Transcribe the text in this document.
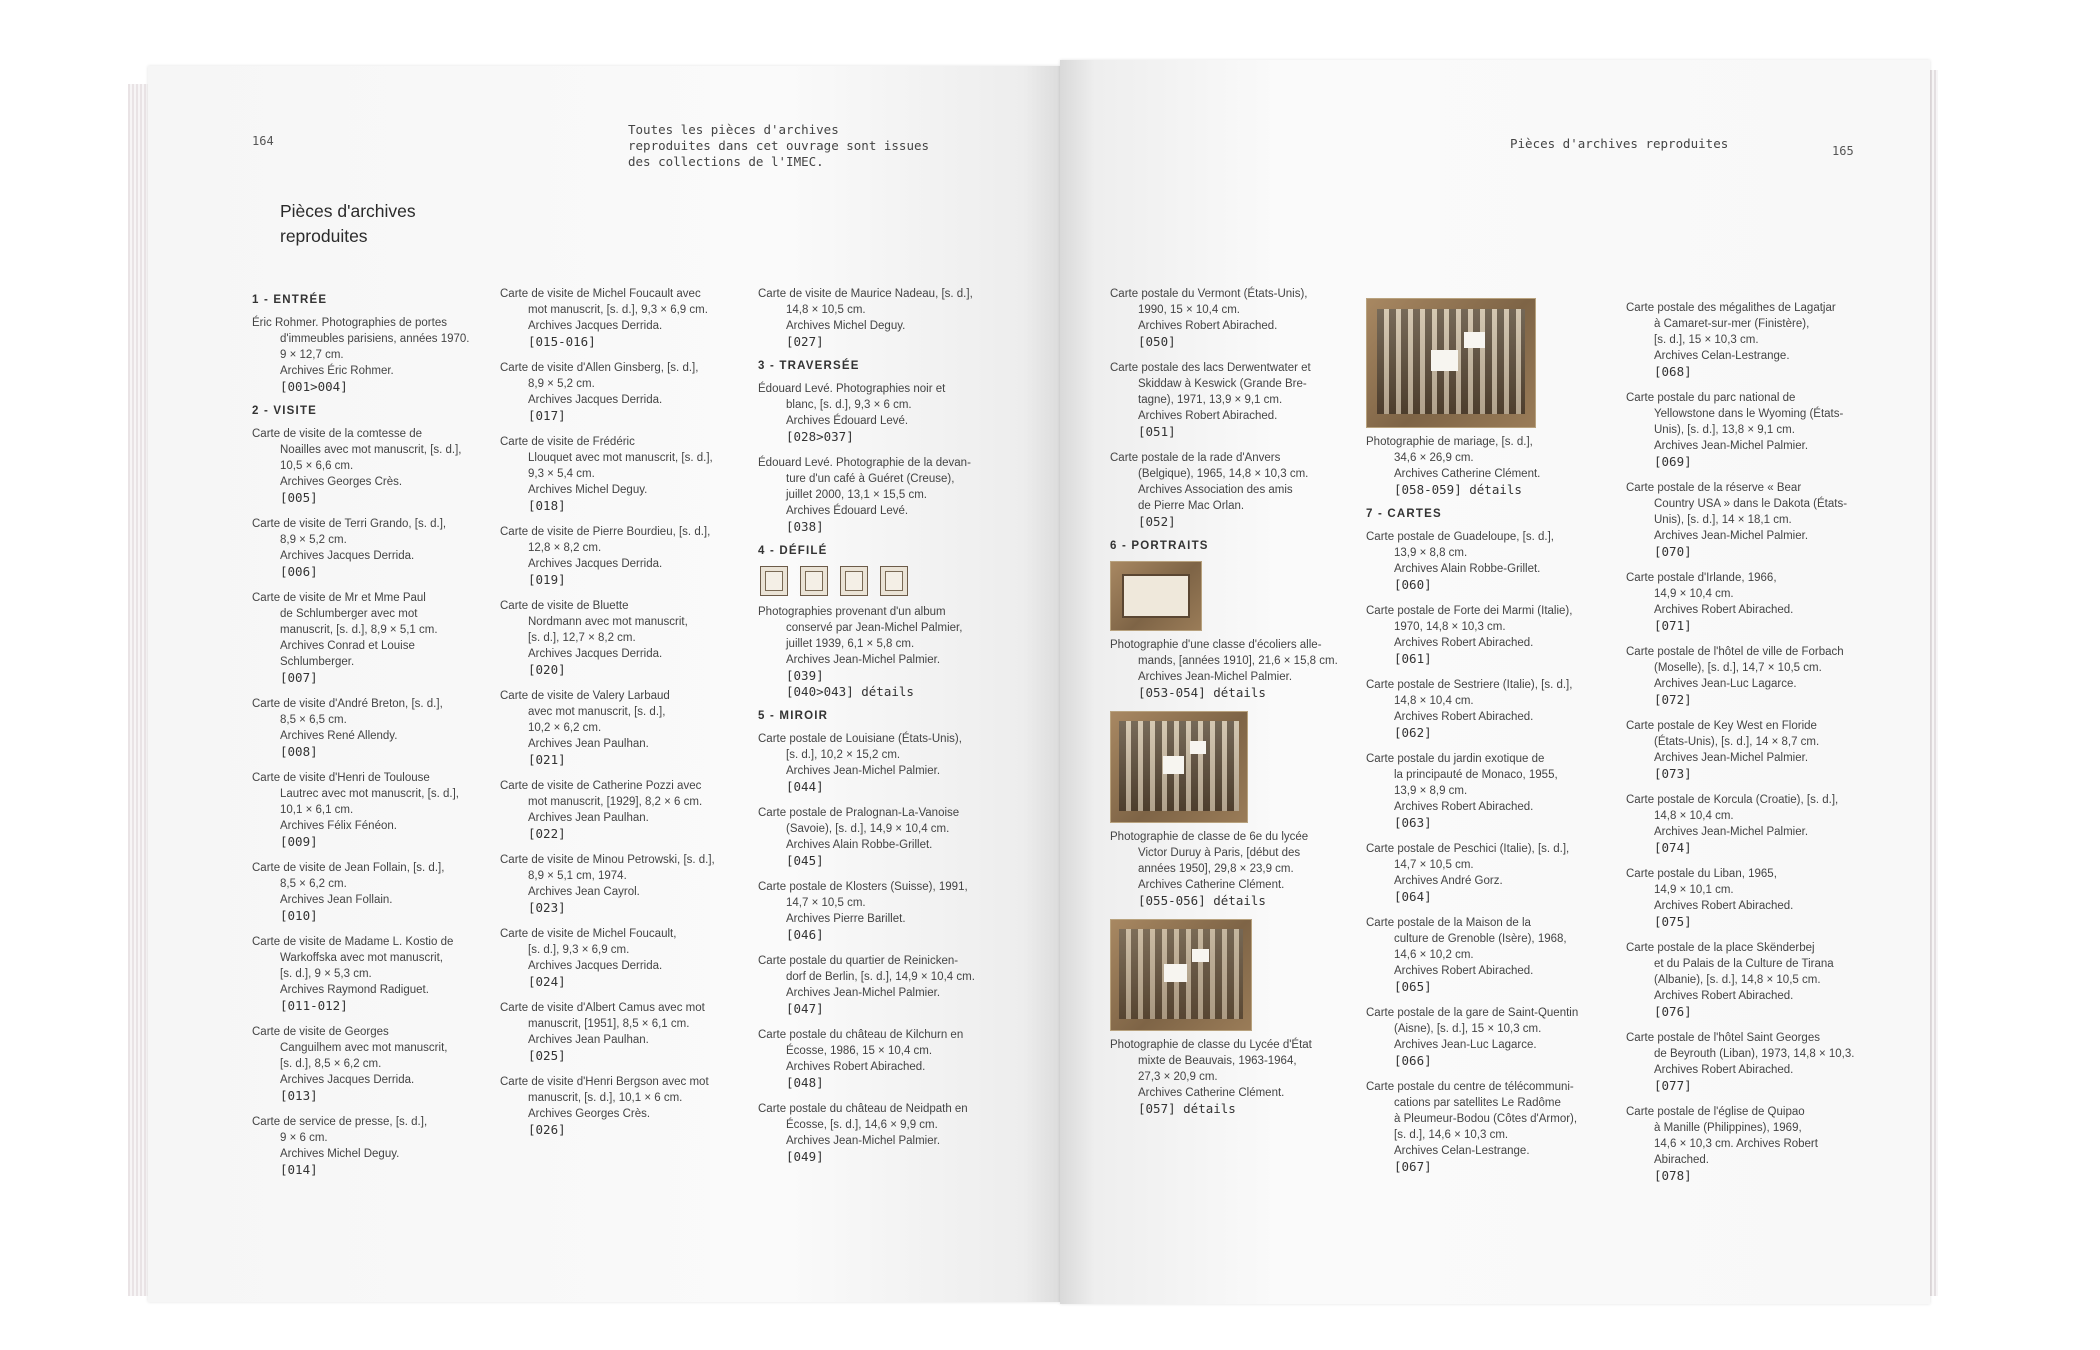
164
Toutes les pièces d'archives
reproduites dans cet ouvrage sont issues
des collections de l'IMEC.
Pièces d'archives
reproduites
1 - ENTRÉE
Éric Rohmer. Photographies de portes
d'immeubles parisiens, années 1970.
9 × 12,7 cm.
Archives Éric Rohmer.
[001>004]
2 - VISITE
Carte de visite de la comtesse de
Noailles avec mot manuscrit, [s. d.],
10,5 × 6,6 cm.
Archives Georges Crès.
[005]
Carte de visite de Terri Grando, [s. d.],
8,9 × 5,2 cm.
Archives Jacques Derrida.
[006]
Carte de visite de Mr et Mme Paul
de Schlumberger avec mot
manuscrit, [s. d.], 8,9 × 5,1 cm.
Archives Conrad et Louise
Schlumberger.
[007]
Carte de visite d'André Breton, [s. d.],
8,5 × 6,5 cm.
Archives René Allendy.
[008]
Carte de visite d'Henri de Toulouse
Lautrec avec mot manuscrit, [s. d.],
10,1 × 6,1 cm.
Archives Félix Fénéon.
[009]
Carte de visite de Jean Follain, [s. d.],
8,5 × 6,2 cm.
Archives Jean Follain.
[010]
Carte de visite de Madame L. Kostio de
Warkoffska avec mot manuscrit,
[s. d.], 9 × 5,3 cm.
Archives Raymond Radiguet.
[011-012]
Carte de visite de Georges
Canguilhem avec mot manuscrit,
[s. d.], 8,5 × 6,2 cm.
Archives Jacques Derrida.
[013]
Carte de service de presse, [s. d.],
9 × 6 cm.
Archives Michel Deguy.
[014]
Carte de visite de Michel Foucault avec
mot manuscrit, [s. d.], 9,3 × 6,9 cm.
Archives Jacques Derrida.
[015-016]
Carte de visite d'Allen Ginsberg, [s. d.],
8,9 × 5,2 cm.
Archives Jacques Derrida.
[017]
Carte de visite de Frédéric
Llouquet avec mot manuscrit, [s. d.],
9,3 × 5,4 cm.
Archives Michel Deguy.
[018]
Carte de visite de Pierre Bourdieu, [s. d.],
12,8 × 8,2 cm.
Archives Jacques Derrida.
[019]
Carte de visite de Bluette
Nordmann avec mot manuscrit,
[s. d.], 12,7 × 8,2 cm.
Archives Jacques Derrida.
[020]
Carte de visite de Valery Larbaud
avec mot manuscrit, [s. d.],
10,2 × 6,2 cm.
Archives Jean Paulhan.
[021]
Carte de visite de Catherine Pozzi avec
mot manuscrit, [1929], 8,2 × 6 cm.
Archives Jean Paulhan.
[022]
Carte de visite de Minou Petrowski, [s. d.],
8,9 × 5,1 cm, 1974.
Archives Jean Cayrol.
[023]
Carte de visite de Michel Foucault,
[s. d.], 9,3 × 6,9 cm.
Archives Jacques Derrida.
[024]
Carte de visite d'Albert Camus avec mot
manuscrit, [1951], 8,5 × 6,1 cm.
Archives Jean Paulhan.
[025]
Carte de visite d'Henri Bergson avec mot
manuscrit, [s. d.], 10,1 × 6 cm.
Archives Georges Crès.
[026]
Carte de visite de Maurice Nadeau, [s. d.],
14,8 × 10,5 cm.
Archives Michel Deguy.
[027]
3 - TRAVERSÉE
Édouard Levé. Photographies noir et
blanc, [s. d.], 9,3 × 6 cm.
Archives Édouard Levé.
[028>037]
Édouard Levé. Photographie de la devan-
ture d'un café à Guéret (Creuse),
juillet 2000, 13,1 × 15,5 cm.
Archives Édouard Levé.
[038]
4 - DÉFILÉ
Photographies provenant d'un album
conservé par Jean-Michel Palmier,
juillet 1939, 6,1 × 5,8 cm.
Archives Jean-Michel Palmier.
[039]
[040>043] détails
5 - MIROIR
Carte postale de Louisiane (États-Unis),
[s. d.], 10,2 × 15,2 cm.
Archives Jean-Michel Palmier.
[044]
Carte postale de Pralognan-La-Vanoise
(Savoie), [s. d.], 14,9 × 10,4 cm.
Archives Alain Robbe-Grillet.
[045]
Carte postale de Klosters (Suisse), 1991,
14,7 × 10,5 cm.
Archives Pierre Barillet.
[046]
Carte postale du quartier de Reinicken-
dorf de Berlin, [s. d.], 14,9 × 10,4 cm.
Archives Jean-Michel Palmier.
[047]
Carte postale du château de Kilchurn en
Écosse, 1986, 15 × 10,4 cm.
Archives Robert Abirached.
[048]
Carte postale du château de Neidpath en
Écosse, [s. d.], 14,6 × 9,9 cm.
Archives Jean-Michel Palmier.
[049]
Pièces d'archives reproduites	165
Carte postale du Vermont (États-Unis),
1990, 15 × 10,4 cm.
Archives Robert Abirached.
[050]
Carte postale des lacs Derwentwater et
Skiddaw à Keswick (Grande Bre-
tagne), 1971, 13,9 × 9,1 cm.
Archives Robert Abirached.
[051]
Carte postale de la rade d'Anvers
(Belgique), 1965, 14,8 × 10,3 cm.
Archives Association des amis
de Pierre Mac Orlan.
[052]
6 - PORTRAITS
Photographie d'une classe d'écoliers alle-
mands, [années 1910], 21,6 × 15,8 cm.
Archives Jean-Michel Palmier.
[053-054] détails
Photographie de classe de 6e du lycée
Victor Duruy à Paris, [début des
années 1950], 29,8 × 23,9 cm.
Archives Catherine Clément.
[055-056] détails
Photographie de classe du Lycée d'État
mixte de Beauvais, 1963-1964,
27,3 × 20,9 cm.
Archives Catherine Clément.
[057] détails
Photographie de mariage, [s. d.],
34,6 × 26,9 cm.
Archives Catherine Clément.
[058-059] détails
7 - CARTES
Carte postale de Guadeloupe, [s. d.],
13,9 × 8,8 cm.
Archives Alain Robbe-Grillet.
[060]
Carte postale de Forte dei Marmi (Italie),
1970, 14,8 × 10,3 cm.
Archives Robert Abirached.
[061]
Carte postale de Sestriere (Italie), [s. d.],
14,8 × 10,4 cm.
Archives Robert Abirached.
[062]
Carte postale du jardin exotique de
la principauté de Monaco, 1955,
13,9 × 8,9 cm.
Archives Robert Abirached.
[063]
Carte postale de Peschici (Italie), [s. d.],
14,7 × 10,5 cm.
Archives André Gorz.
[064]
Carte postale de la Maison de la
culture de Grenoble (Isère), 1968,
14,6 × 10,2 cm.
Archives Robert Abirached.
[065]
Carte postale de la gare de Saint-Quentin
(Aisne), [s. d.], 15 × 10,3 cm.
Archives Jean-Luc Lagarce.
[066]
Carte postale du centre de télécommuni-
cations par satellites Le Radôme
à Pleumeur-Bodou (Côtes d'Armor),
[s. d.], 14,6 × 10,3 cm.
Archives Celan-Lestrange.
[067]
Carte postale des mégalithes de Lagatjar
à Camaret-sur-mer (Finistère),
[s. d.], 15 × 10,3 cm.
Archives Celan-Lestrange.
[068]
Carte postale du parc national de
Yellowstone dans le Wyoming (États-
Unis), [s. d.], 13,8 × 9,1 cm.
Archives Jean-Michel Palmier.
[069]
Carte postale de la réserve « Bear
Country USA » dans le Dakota (États-
Unis), [s. d.], 14 × 18,1 cm.
Archives Jean-Michel Palmier.
[070]
Carte postale d'Irlande, 1966,
14,9 × 10,4 cm.
Archives Robert Abirached.
[071]
Carte postale de l'hôtel de ville de Forbach
(Moselle), [s. d.], 14,7 × 10,5 cm.
Archives Jean-Luc Lagarce.
[072]
Carte postale de Key West en Floride
(États-Unis), [s. d.], 14 × 8,7 cm.
Archives Jean-Michel Palmier.
[073]
Carte postale de Korcula (Croatie), [s. d.],
14,8 × 10,4 cm.
Archives Jean-Michel Palmier.
[074]
Carte postale du Liban, 1965,
14,9 × 10,1 cm.
Archives Robert Abirached.
[075]
Carte postale de la place Skënderbej
et du Palais de la Culture de Tirana
(Albanie), [s. d.], 14,8 × 10,5 cm.
Archives Robert Abirached.
[076]
Carte postale de l'hôtel Saint Georges
de Beyrouth (Liban), 1973, 14,8 × 10,3.
Archives Robert Abirached.
[077]
Carte postale de l'église de Quipao
à Manille (Philippines), 1969,
14,6 × 10,3 cm. Archives Robert
Abirached.
[078]
